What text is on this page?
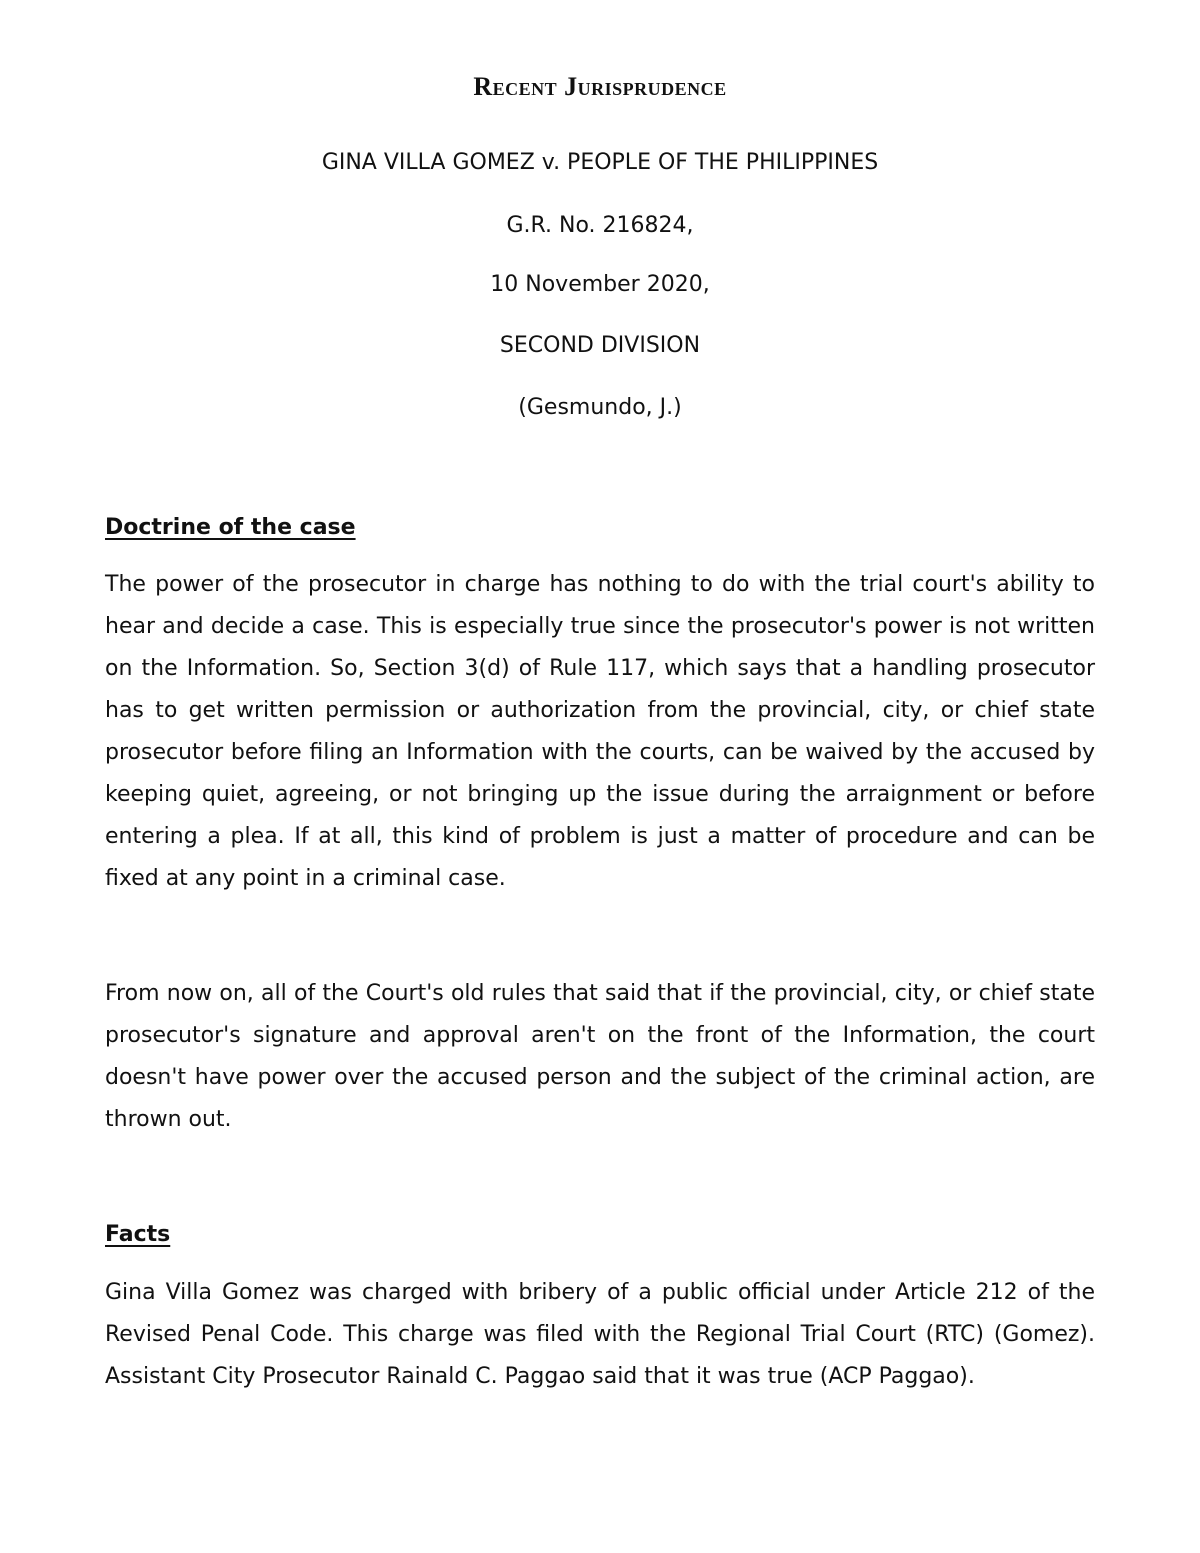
Recent Jurisprudence

GINA VILLA GOMEZ v. PEOPLE OF THE PHILIPPINES

G.R. No. 216824,

10 November 2020,

SECOND DIVISION

(Gesmundo, J.)

Doctrine of the case

The power of the prosecutor in charge has nothing to do with the trial court's ability to hear and decide a case. This is especially true since the prosecutor's power is not written on the Information. So, Section 3(d) of Rule 117, which says that a handling prosecutor has to get written permission or authorization from the provincial, city, or chief state prosecutor before filing an Information with the courts, can be waived by the accused by keeping quiet, agreeing, or not bringing up the issue during the arraignment or before entering a plea. If at all, this kind of problem is just a matter of procedure and can be fixed at any point in a criminal case.

From now on, all of the Court's old rules that said that if the provincial, city, or chief state prosecutor's signature and approval aren't on the front of the Information, the court doesn't have power over the accused person and the subject of the criminal action, are thrown out.

Facts

Gina Villa Gomez was charged with bribery of a public official under Article 212 of the Revised Penal Code. This charge was filed with the Regional Trial Court (RTC) (Gomez). Assistant City Prosecutor Rainald C. Paggao said that it was true (ACP Paggao).
